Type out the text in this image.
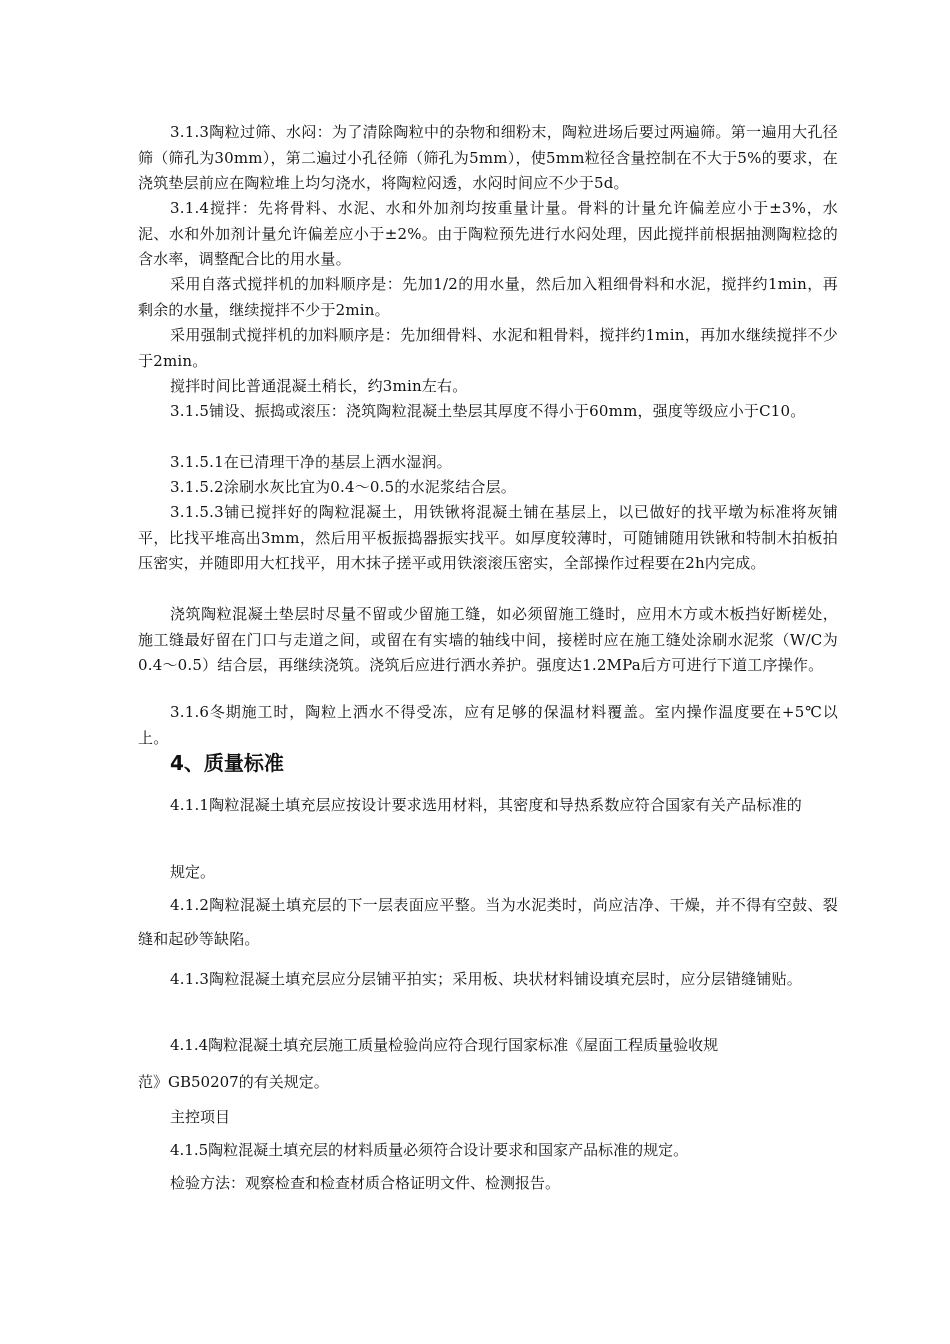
3.1.3陶粒过筛、水闷：为了清除陶粒中的杂物和细粉末，陶粒进场后要过两遍筛。第一遍用大孔径筛（筛孔为30mm），第二遍过小孔径筛（筛孔为5mm），使5mm粒径含量控制在不大于5%的要求，在浇筑垫层前应在陶粒堆上均匀浇水，将陶粒闷透，水闷时间应不少于5d。

3.1.4搅拌：先将骨料、水泥、水和外加剂均按重量计量。骨料的计量允许偏差应小于±3%，水泥、水和外加剂计量允许偏差应小于±2%。由于陶粒预先进行水闷处理，因此搅拌前根据抽测陶粒捻的含水率，调整配合比的用水量。

采用自落式搅拌机的加料顺序是：先加1/2的用水量，然后加入粗细骨料和水泥，搅拌约1min，再剩余的水量，继续搅拌不少于2min。

采用强制式搅拌机的加料顺序是：先加细骨料、水泥和粗骨料，搅拌约1min，再加水继续搅拌不少于2min。

搅拌时间比普通混凝土稍长，约3min左右。

3.1.5铺设、振捣或滚压：浇筑陶粒混凝土垫层其厚度不得小于60mm，强度等级应小于C10。

3.1.5.1在已清理干净的基层上洒水湿润。

3.1.5.2涂刷水灰比宜为0.4～0.5的水泥浆结合层。

3.1.5.3铺已搅拌好的陶粒混凝土，用铁锹将混凝土铺在基层上，以已做好的找平墩为标准将灰铺平，比找平堆高出3mm，然后用平板振捣器振实找平。如厚度较薄时，可随铺随用铁锹和特制木拍板拍压密实，并随即用大杠找平，用木抹子搓平或用铁滚滚压密实，全部操作过程要在2h内完成。

浇筑陶粒混凝土垫层时尽量不留或少留施工缝，如必须留施工缝时，应用木方或木板挡好断槎处，施工缝最好留在门口与走道之间，或留在有实墙的轴线中间，接槎时应在施工缝处涂刷水泥浆（W/C为0.4～0.5）结合层，再继续浇筑。浇筑后应进行洒水养护。强度达1.2MPa后方可进行下道工序操作。

3.1.6冬期施工时，陶粒上洒水不得受冻，应有足够的保温材料覆盖。室内操作温度要在+5℃以上。

4、质量标准

4.1.1陶粒混凝土填充层应按设计要求选用材料，其密度和导热系数应符合国家有关产品标准的

规定。

4.1.2陶粒混凝土填充层的下一层表面应平整。当为水泥类时，尚应洁净、干燥，并不得有空鼓、裂缝和起砂等缺陷。

4.1.3陶粒混凝土填充层应分层铺平拍实；采用板、块状材料铺设填充层时，应分层错缝铺贴。

4.1.4陶粒混凝土填充层施工质量检验尚应符合现行国家标准《屋面工程质量验收规

范》GB50207的有关规定。

主控项目

4.1.5陶粒混凝土填充层的材料质量必须符合设计要求和国家产品标准的规定。

检验方法：观察检查和检查材质合格证明文件、检测报告。
